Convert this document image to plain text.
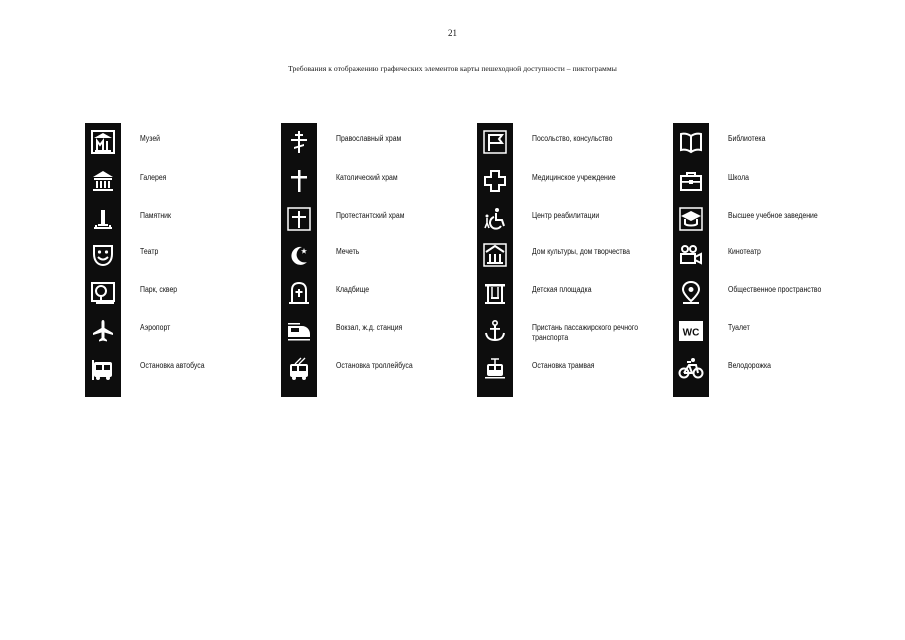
21
Требования к отображению графических элементов карты пешеходной доступности – пиктограммы
Музей
Галерея
Памятник
Театр
Парк, сквер
Аэропорт
Остановка автобуса
Православный храм
Католический храм
Протестантский храм
Мечеть
Кладбище
Вокзал, ж.д. станция
Остановка троллейбуса
Посольство, консульство
Медицинское учреждение
Центр реабилитации
Дом культуры, дом творчества
Детская площадка
Пристань пассажирского речного транспорта
Остановка трамвая
Библиотека
Школа
Высшее учебное заведение
Кинотеатр
Общественное пространство
WC	Туалет
Велодорожка
